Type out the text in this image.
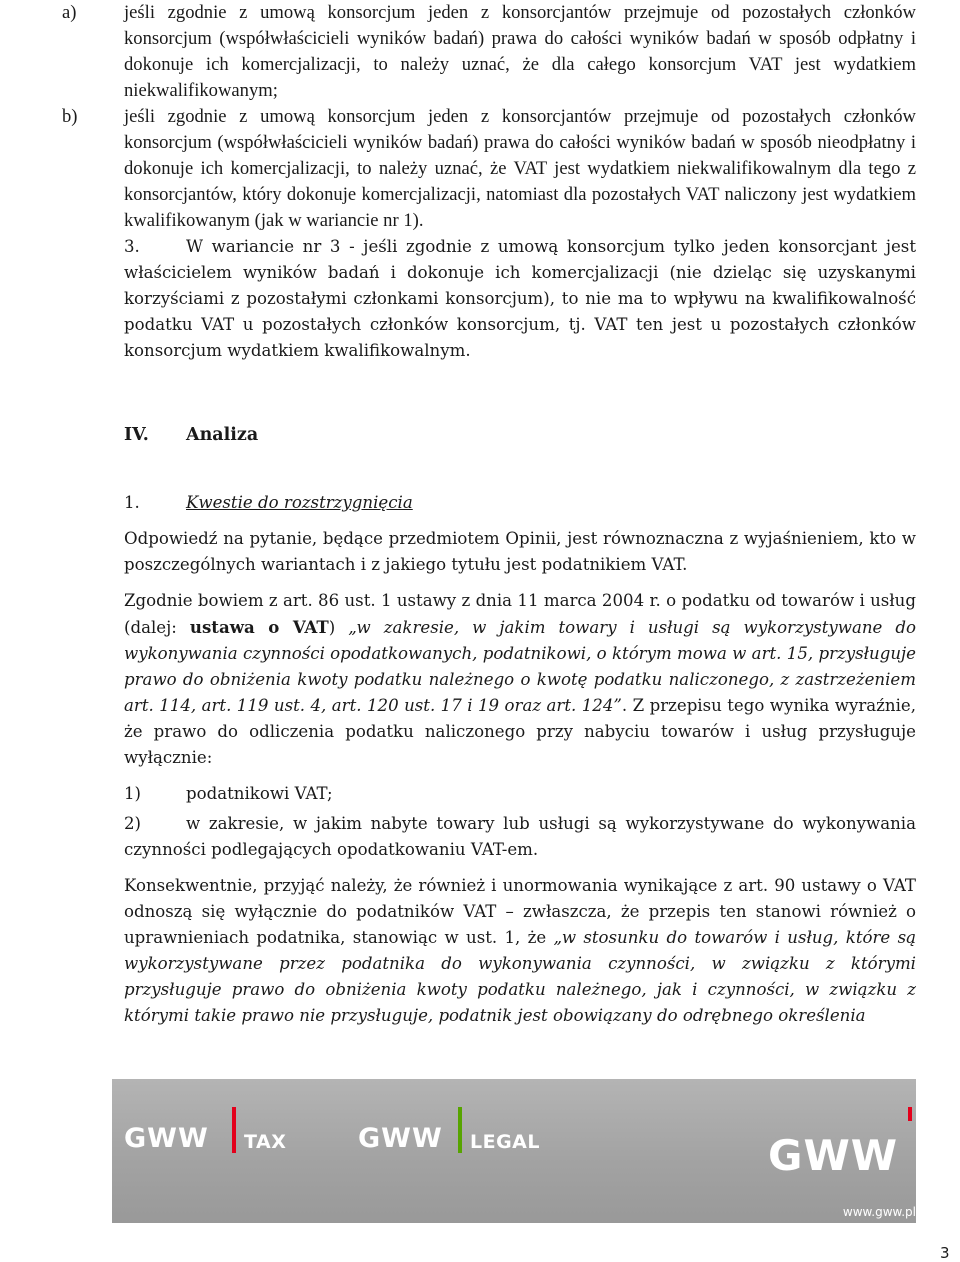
a)	jeśli zgodnie z umową konsorcjum jeden z konsorcjantów przejmuje od pozostałych członków konsorcjum (współwłaścicieli wyników badań) prawa do całości wyników badań w sposób odpłatny i dokonuje ich komercjalizacji, to należy uznać, że dla całego konsorcjum VAT jest wydatkiem niekwalifikowanym;

b)	jeśli zgodnie z umową konsorcjum jeden z konsorcjantów przejmuje od pozostałych członków konsorcjum (współwłaścicieli wyników badań) prawa do całości wyników badań w sposób nieodpłatny i dokonuje ich komercjalizacji, to należy uznać, że VAT jest wydatkiem niekwalifikowalnym dla tego z konsorcjantów, który dokonuje komercjalizacji, natomiast dla pozostałych VAT naliczony jest wydatkiem kwalifikowanym (jak w wariancie nr 1).

3.	W wariancie nr 3 - jeśli zgodnie z umową konsorcjum tylko jeden konsorcjant jest właścicielem wyników badań i dokonuje ich komercjalizacji (nie dzieląc się uzyskanymi korzyściami z pozostałymi członkami konsorcjum), to nie ma to wpływu na kwalifikowalność podatku VAT u pozostałych członków konsorcjum, tj. VAT ten jest u pozostałych członków konsorcjum wydatkiem kwalifikowalnym.

IV. Analiza
1.	Kwestie do rozstrzygnięcia

Odpowiedź na pytanie, będące przedmiotem Opinii, jest równoznaczna z wyjaśnieniem, kto w poszczególnych wariantach i z jakiego tytułu jest podatnikiem VAT.

Zgodnie bowiem z art. 86 ust. 1 ustawy z dnia 11 marca 2004 r. o podatku od towarów i usług (dalej: ustawa o VAT) „w zakresie, w jakim towary i usługi są wykorzystywane do wykonywania czynności opodatkowanych, podatnikowi, o którym mowa w art. 15, przysługuje prawo do obniżenia kwoty podatku należnego o kwotę podatku naliczonego, z zastrzeżeniem art. 114, art. 119 ust. 4, art. 120 ust. 17 i 19 oraz art. 124”. Z przepisu tego wynika wyraźnie, że prawo do odliczenia podatku naliczonego przy nabyciu towarów i usług przysługuje wyłącznie:

1)	podatnikowi VAT;

2)	w zakresie, w jakim nabyte towary lub usługi są wykorzystywane do wykonywania czynności podlegających opodatkowaniu VAT-em.

Konsekwentnie, przyjąć należy, że również i unormowania wynikające z art. 90 ustawy o VAT odnoszą się wyłącznie do podatników VAT – zwłaszcza, że przepis ten stanowi również o uprawnieniach podatnika, stanowiąc w ust. 1, że „w stosunku do towarów i usług, które są wykorzystywane przez podatnika do wykonywania czynności, w związku z którymi przysługuje prawo do obniżenia kwoty podatku należnego, jak i czynności, w związku z którymi takie prawo nie przysługuje, podatnik jest obowiązany do odrębnego określenia

GWW TAX	GWW LEGAL	GWW
www.gww.pl
3
